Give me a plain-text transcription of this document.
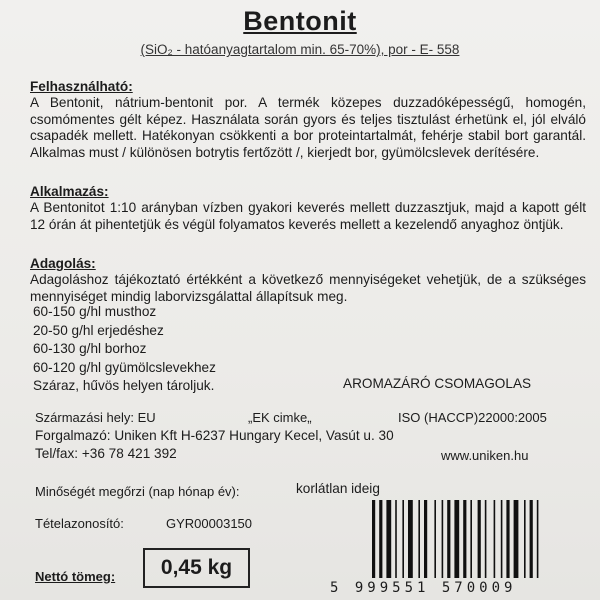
Bentonit
(SiO₂ - hatóanyagtartalom min. 65-70%), por - E- 558
Felhasználható:
A Bentonit, nátrium-bentonit por. A termék közepes duzzadóképességű, homogén, csomómentes gélt képez. Használata során gyors és teljes tisztulást érhetünk el, jól elváló csapadék mellett. Hatékonyan csökkenti a bor proteintartalmát, fehérje stabil bort garantál. Alkalmas must / különösen botrytis fertőzött /, kierjedt bor, gyümölcslevek derítésére.
Alkalmazás:
A Bentonitot 1:10 arányban vízben gyakori keverés mellett duzzasztjuk, majd a kapott gélt 12 órán át pihentetjük és végül folyamatos keverés mellett a kezelendő anyaghoz öntjük.
Adagolás:
Adagoláshoz tájékoztató értékként a következő mennyiségeket vehetjük, de a szükséges mennyiséget mindig laborvizsgálattal állapítsuk meg.
60-150 g/hl musthoz
20-50 g/hl erjedéshez
60-130 g/hl borhoz
60-120 g/hl gyümölcslevekhez
Száraz, hűvös helyen tároljuk.	AROMAZÁRÓ CSOMAGOLAS
Származási hely: EU	„EK cimke„	ISO (HACCP)22000:2005
Forgalmazó: Uniken Kft H-6237 Hungary Kecel, Vasút u. 30
Tel/fax: +36 78 421 392	www.uniken.hu
Minőségét megőrzi (nap hónap év):	korlátlan ideig
Tételazonosító:	GYR00003150
Nettó tömeg: 0,45 kg
5 999551 570009
